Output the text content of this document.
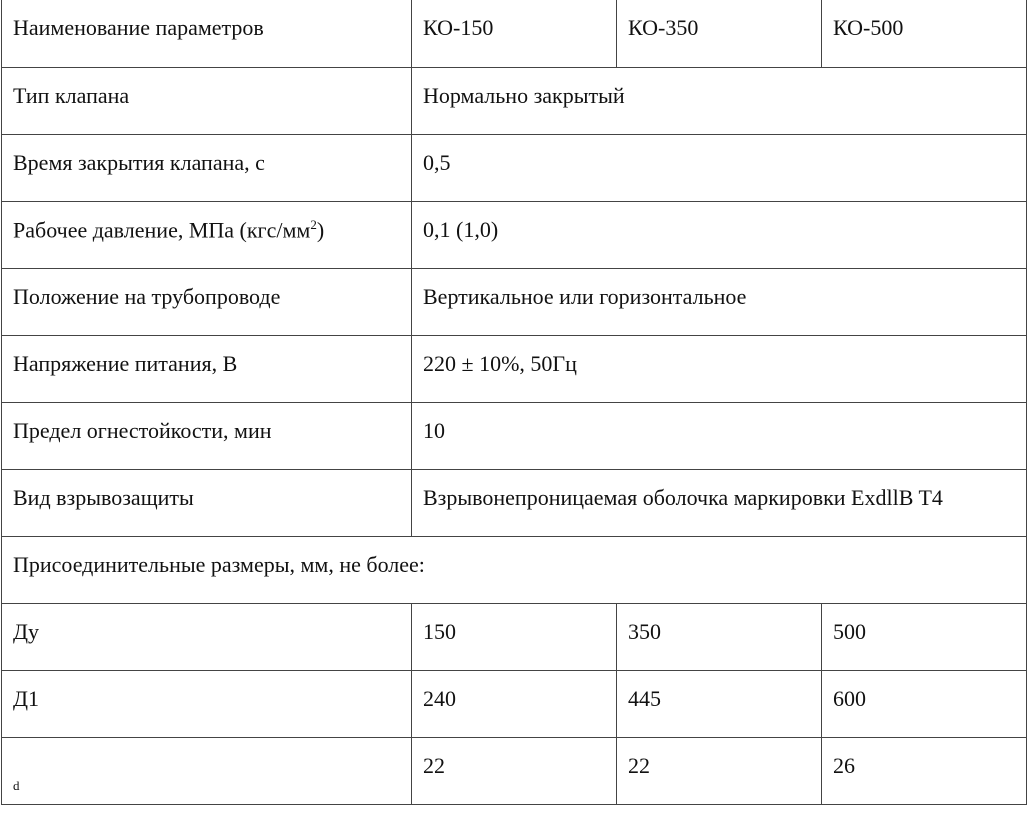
Наименование параметров	КО-150	КО-350	КО-500
Тип клапана	Нормально закрытый		
Время закрытия клапана, с	0,5		
Рабочее давление, МПа $(кгс/мм^2)$	0,1 (1,0)		
Положение на трубопроводе	Вертикальное или горизонтальное		
Напряжение питания, В	220 ± 10%, 50Гц		
Предел огнестойкости, мин	10		
Вид взрывозащиты	Взрывонепроницаемая оболочка маркировки ExdllB T4		
Присоединительные размеры, мм, не более:			
Ду	150	350	500
Д1	240	445	600
d	22	22	26
